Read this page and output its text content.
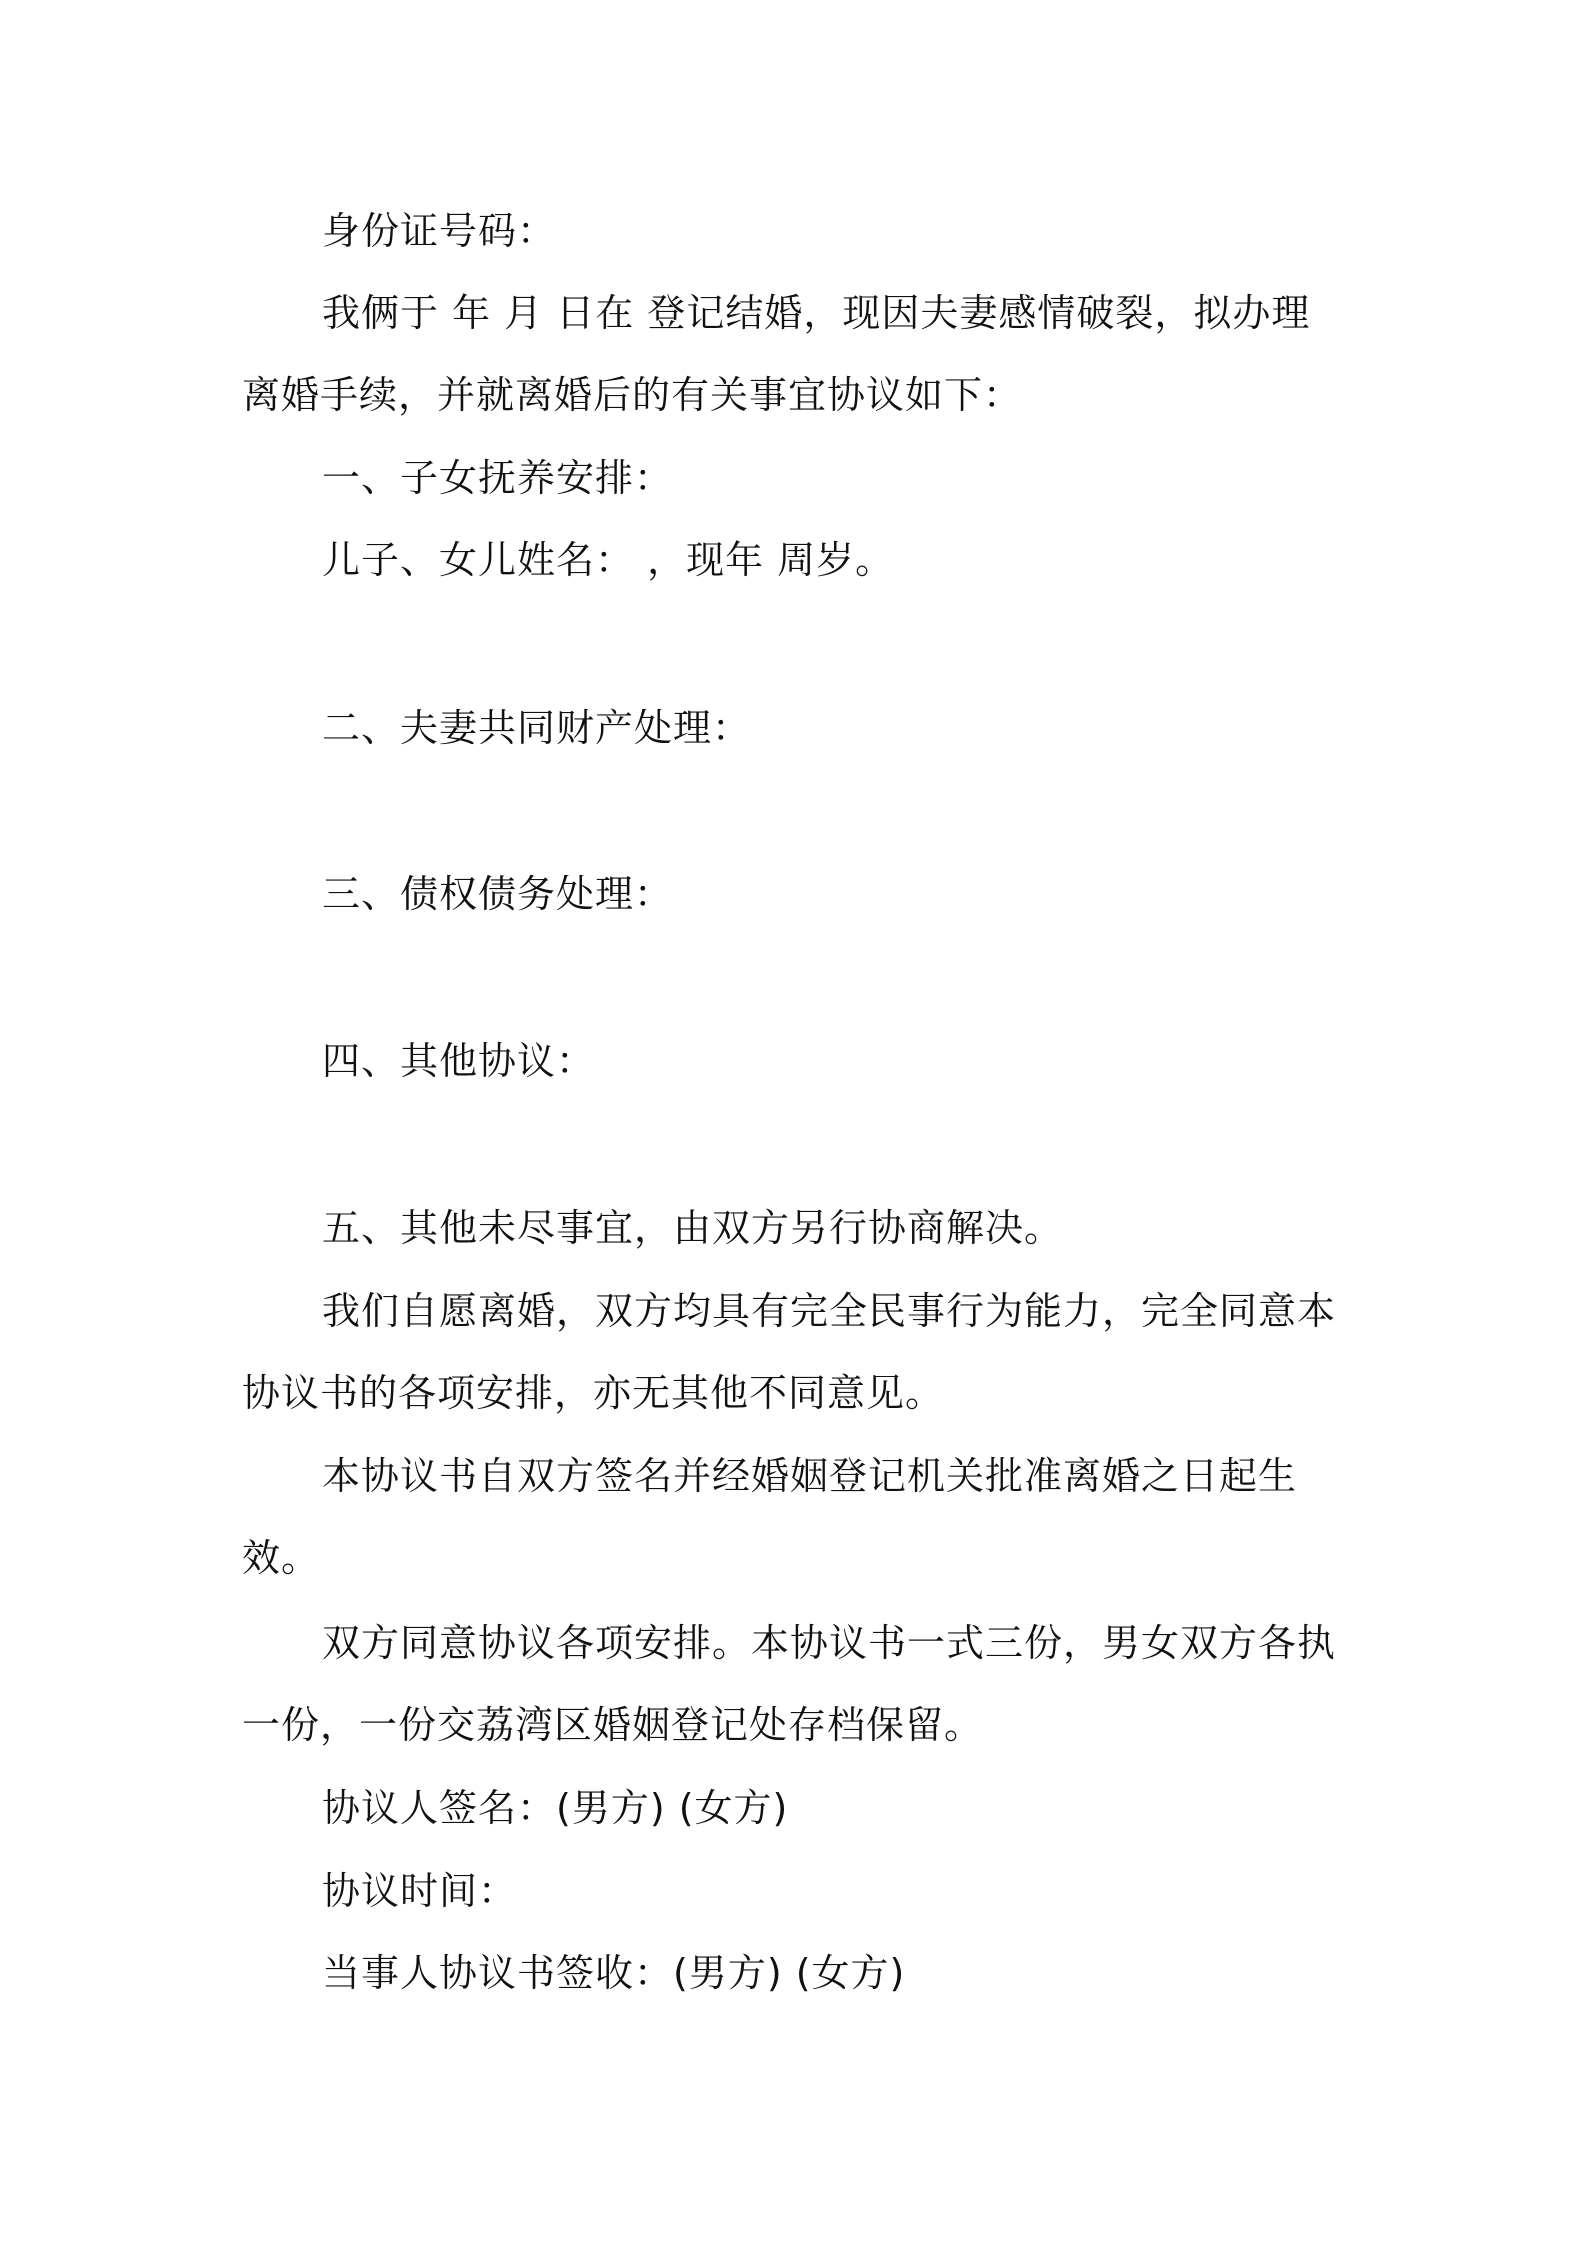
身份证号码：
我俩于 年 月 日在 登记结婚，现因夫妻感情破裂，拟办理
离婚手续，并就离婚后的有关事宜协议如下：
一、子女抚养安排：
儿子、女儿姓名： ，现年 周岁。
二、夫妻共同财产处理：
三、债权债务处理：
四、其他协议：
五、其他未尽事宜，由双方另行协商解决。
我们自愿离婚，双方均具有完全民事行为能力，完全同意本
协议书的各项安排，亦无其他不同意见。
本协议书自双方签名并经婚姻登记机关批准离婚之日起生
效。
双方同意协议各项安排。本协议书一式三份，男女双方各执
一份，一份交荔湾区婚姻登记处存档保留。
协议人签名：(男方) (女方)
协议时间：
当事人协议书签收：(男方) (女方)
